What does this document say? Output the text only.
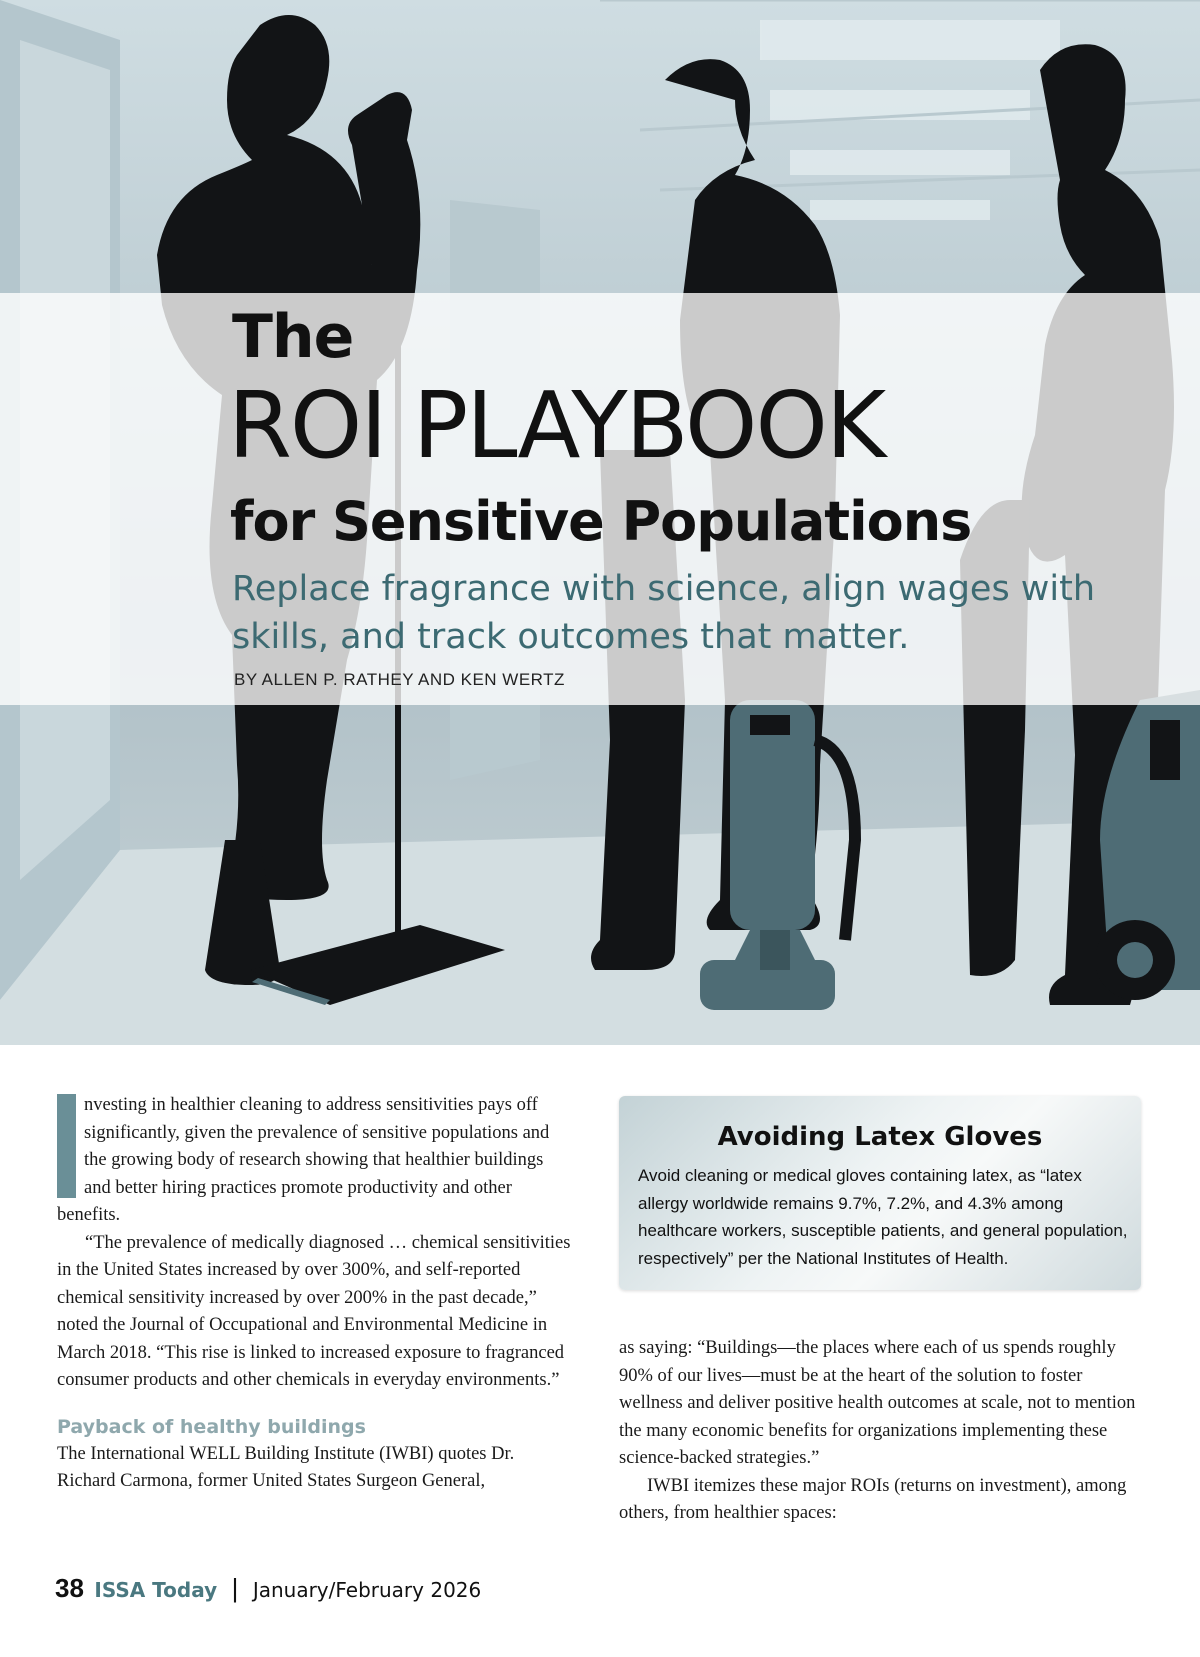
The
ROI PLAYBOOK
for Sensitive Populations
Replace fragrance with science, align wages with skills, and track outcomes that matter.
BY ALLEN P. RATHEY AND KEN WERTZ

nvesting in healthier cleaning to address sensitivities pays off significantly, given the prevalence of sensitive populations and the growing body of research showing that healthier buildings and better hiring practices promote productivity and other benefits.

“The prevalence of medically diagnosed … chemical sensitivities in the United States increased by over 300%, and self-reported chemical sensitivity increased by over 200% in the past decade,” noted the Journal of Occupational and Environmental Medicine in March 2018. “This rise is linked to increased exposure to fragranced consumer products and other chemicals in everyday environments.”

Payback of healthy buildings

The International WELL Building Institute (IWBI) quotes Dr. Richard Carmona, former United States Surgeon General,

Avoiding Latex Gloves

Avoid cleaning or medical gloves containing latex, as “latex allergy worldwide remains 9.7%, 7.2%, and 4.3% among healthcare workers, susceptible patients, and general population, respectively” per the National Institutes of Health.

as saying: “Buildings—the places where each of us spends roughly 90% of our lives—must be at the heart of the solution to foster wellness and deliver positive health outcomes at scale, not to mention the many economic benefits for organizations implementing these science-backed strategies.”

IWBI itemizes these major ROIs (returns on investment), among others, from healthier spaces:

38 ISSA Today | January/February 2026
